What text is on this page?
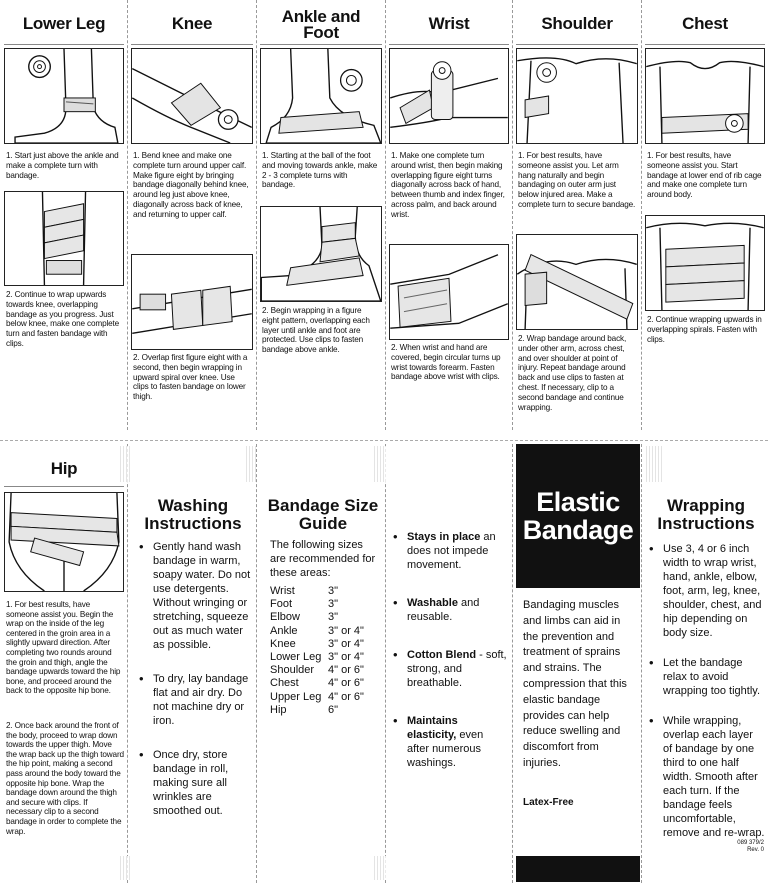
Lower Leg	Knee	Ankle and
Foot	Wrist	Shoulder	Chest
1. Start just above the ankle and make a complete turn with bandage.
2. Continue to wrap upwards towards knee, overlapping bandage as you progress. Just below knee, make one complete turn and fasten bandage with clips.
1. Bend knee and make one complete turn around upper calf. Make figure eight by bringing bandage diagonally behind knee, around leg just above knee, diagonally across back of knee, and returning to upper calf.
2. Overlap first figure eight with a second, then begin wrapping in upward spiral over knee. Use clips to fasten bandage on lower thigh.
1. Starting at the ball of the foot and moving towards ankle, make 2 - 3 complete turns with bandage.
2. Begin wrapping in a figure eight pattern, overlapping each layer until ankle and foot are protected. Use clips to fasten bandage above ankle.
1. Make one complete turn around wrist, then begin making overlapping figure eight turns diagonally across back of hand, between thumb and index finger, across palm, and back around wrist.
2. When wrist and hand are covered, begin circular turns up wrist towards forearm. Fasten bandage above wrist with clips.
1. For best results, have someone assist you. Let arm hang naturally and begin bandaging on outer arm just below injured area. Make a complete turn to secure bandage.
2. Wrap bandage around back, under other arm, across chest, and over shoulder at point of injury. Repeat bandage around back and use clips to fasten at chest. If necessary, clip to a second bandage and continue wrapping.
1. For best results, have someone assist you. Start bandage at lower end of rib cage and make one complete turn around body.
2. Continue wrapping upwards in overlapping spirals. Fasten with clips.
Hip
1. For best results, have someone assist you. Begin the wrap on the inside of the leg centered in the groin area in a slightly upward direction. After completing two rounds around the groin and thigh, angle the bandage upwards toward the hip bone, and proceed around the back to the opposite hip bone.
2. Once back around the front of the body, proceed to wrap down towards the upper thigh. Move the wrap back up the thigh toward the hip point, making a second pass around the body toward the opposite hip bone. Wrap the bandage down around the thigh and secure with clips. If necessary clip to a second bandage in order to complete the wrap.
Washing
Instructions
• Gently hand wash bandage in warm, soapy water. Do not use detergents. Without wringing or stretching, squeeze out as much water as possible.
• To dry, lay bandage flat and air dry. Do not machine dry or iron.
• Once dry, store bandage in roll, making sure all wrinkles are smoothed out.
Bandage Size
Guide
The following sizes are recommended for these areas:
Wrist	3"
Foot	3"
Elbow	3"
Ankle	3" or 4"
Knee	3" or 4"
Lower Leg	3" or 4"
Shoulder	4" or 6"
Chest	4" or 6"
Upper Leg	4" or 6"
Hip	6"
• Stays in place an does not impede movement.
• Washable and reusable.
• Cotton Blend - soft, strong, and breathable.
• Maintains elasticity, even after numerous washings.
Elastic
Bandage
Bandaging muscles and limbs can aid in the prevention and treatment of sprains and strains. The compression that this elastic bandage provides can help reduce swelling and discomfort from injuries.
Latex-Free
Wrapping
Instructions
• Use 3, 4 or 6 inch width to wrap wrist, hand, ankle, elbow, foot, arm, leg, knee, shoulder, chest, and hip depending on body size.
• Let the bandage relax to avoid wrapping too tightly.
• While wrapping, overlap each layer of bandage by one third to one half width. Smooth after each turn. If the bandage feels uncomfortable, remove and re-wrap.
089 379/2
Rev. 0
